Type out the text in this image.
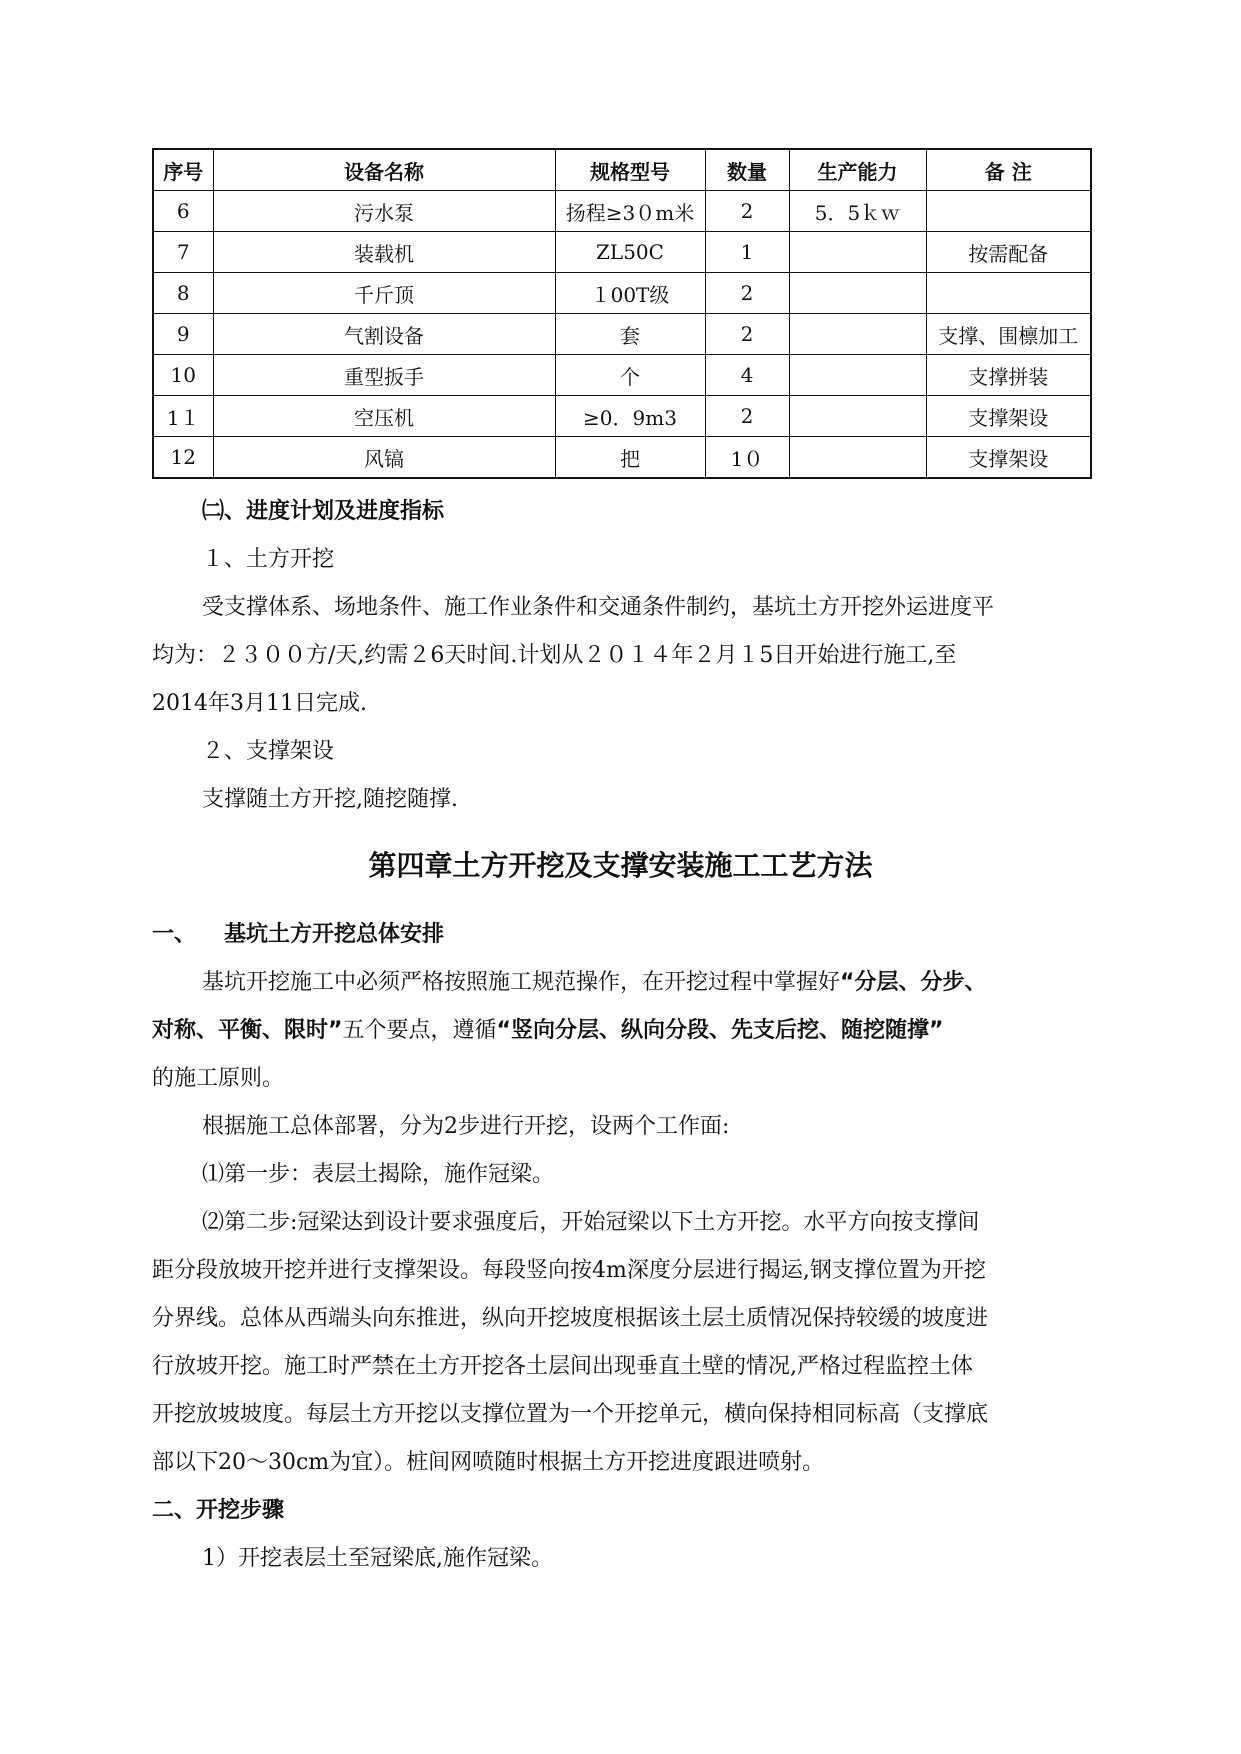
序号	设备名称	规格型号	数量	生产能力	备 注
6	污水泵	扬程≥3０m米	2	5．5ｋｗ	
7	装载机	ZL50C	1		按需配备
8	千斤顶	１00T级	2		
9	气割设备	套	2		支撑、围檩加工
10	重型扳手	个	4		支撑拼装
1１	空压机	≥0．9m3	2		支撑架设
12	风镐	把	1０		支撑架设
㈡、进度计划及进度指标
１、土方开挖
受支撑体系、场地条件、施工作业条件和交通条件制约，基坑土方开挖外运进度平
均为：２３００方/天,约需２6天时间.计划从２０１４年２月１5日开始进行施工,至
2014年3月11日完成.
２、支撑架设
支撑随土方开挖,随挖随撑.
第四章土方开挖及支撑安装施工工艺方法
一、 基坑土方开挖总体安排
基坑开挖施工中必须严格按照施工规范操作，在开挖过程中掌握好“分层、分步、
对称、平衡、限时”五个要点，遵循“竖向分层、纵向分段、先支后挖、随挖随撑”
的施工原则。
根据施工总体部署，分为2步进行开挖，设两个工作面:
⑴第一步：表层土揭除，施作冠梁。
⑵第二步:冠梁达到设计要求强度后，开始冠梁以下土方开挖。水平方向按支撑间
距分段放坡开挖并进行支撑架设。每段竖向按4m深度分层进行揭运,钢支撑位置为开挖
分界线。总体从西端头向东推进，纵向开挖坡度根据该土层土质情况保持较缓的坡度进
行放坡开挖。施工时严禁在土方开挖各土层间出现垂直土壁的情况,严格过程监控土体
开挖放坡坡度。每层土方开挖以支撑位置为一个开挖单元，横向保持相同标高（支撑底
部以下20～30cm为宜）。桩间网喷随时根据土方开挖进度跟进喷射。
二、开挖步骤
1）开挖表层土至冠梁底,施作冠梁。
